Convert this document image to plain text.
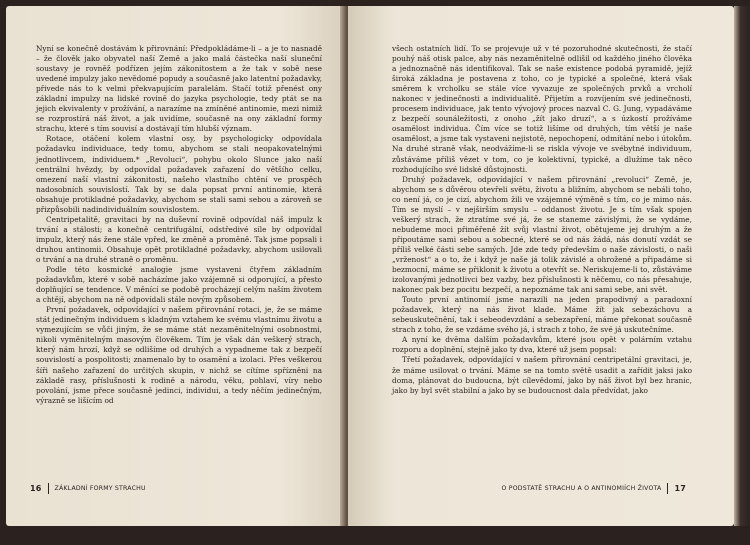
Nyní se konečně dostávám k přirovnání: Předpokládáme-li – a je to nasnadě – že člověk jako obyvatel naší Země a jako malá částečka naší sluneční soustavy je rovněž podřízen jejím zákonitostem a že tak v sobě nese uvedené impulzy jako nevědomé popudy a současně jako latentní požadavky, přivede nás to k velmi překvapujícím paralelám. Stačí totiž přenést ony základní impulzy na lidské rovině do jazyka psychologie, tedy ptát se na jejich ekvivalenty v prožívání, a narazíme na zmíněné antinomie, mezi nimiž se rozprostírá náš život, a jak uvidíme, současně na ony základní formy strachu, které s tím souvisí a dostávají tím hlubší význam.

Rotace, otáčení kolem vlastní osy, by psychologicky odpovídala požadavku individuace, tedy tomu, abychom se stali neopakovatelnými jednotlivcem, individuem.* „Revoluci“, pohybu okolo Slunce jako naší centrální hvězdy, by odpovídal požadavek zařazení do většího celku, omezení naší vlastní zákonitosti, našeho vlastního chtění ve prospěch nadosobních souvislostí. Tak by se dala popsat první antinomie, která obsahuje protikladné požadavky, abychom se stali sami sebou a zároveň se přizpůsobili nadindividuálním souvislostem.

Centripetalitě, gravitaci by na duševní rovině odpovídal náš impulz k trvání a stálosti; a konečně centrifugální, odstředivé síle by odpovídal impulz, který nás žene stále vpřed, ke změně a proměně. Tak jsme popsali i druhou antinomii. Obsahuje opět protikladné požadavky, abychom usilovali o trvání a na druhé straně o proměnu.

Podle této kosmické analogie jsme vystaveni čtyřem základním požadavkům, které v sobě nacházíme jako vzájemně si odporující, a přesto doplňující se tendence. V měnící se podobě procházejí celým naším životem a chtějí, abychom na ně odpovídali stále novým způsobem.

První požadavek, odpovídající v našem přirovnání rotaci, je, že se máme stát jedinečným individuem s kladným vztahem ke svému vlastnímu životu a vymezujícím se vůči jiným, že se máme stát nezaměnitelnými osobnostmi, nikoli vyměnitelným masovým člověkem. Tím je však dán veškerý strach, který nám hrozí, když se odlišíme od druhých a vypadneme tak z bezpečí souvislostí a pospolitosti; znamenalo by to osamění a izolaci. Přes veškerou šíři našeho zařazení do určitých skupin, v nichž se cítíme spřízněni na základě rasy, příslušnosti k rodině a národu, věku, pohlaví, víry nebo povolání, jsme přece současně jedinci, individui, a tedy něčím jedinečným, výrazně se lišícím od

16 ZÁKLADNÍ FORMY STRACHU

všech ostatních lidí. To se projevuje už v té pozoruhodné skutečnosti, že stačí pouhý náš otisk palce, aby nás nezaměnitelně odlišil od každého jiného člověka a jednoznačně nás identifikoval. Tak se naše existence podobá pyramidě, jejíž široká základna je postavena z toho, co je typické a společné, která však směrem k vrcholku se stále více vyvazuje ze společných prvků a vrcholí nakonec v jedinečnosti a individualitě. Přijetím a rozvíjením své jedinečnosti, procesem individuace, jak tento vývojový proces nazval C. G. Jung, vypadáváme z bezpečí sounáležitosti, z onoho „žít jako druzí“, a s úzkostí prožíváme osamělost individua. Čím více se totiž lišíme od druhých, tím větší je naše osamělost, a jsme tak vystaveni nejistotě, nepochopení, odmítání nebo i útokům. Na druhé straně však, neodvážíme-li se riskla vývoje ve svébytné individuum, zůstáváme příliš vězet v tom, co je kolektivní, typické, a dlužíme tak něco rozhodujícího své lidské důstojnosti.

Druhý požadavek, odpovídající v našem přirovnání „revoluci“ Země, je, abychom se s důvěrou otevřeli světu, životu a bližním, abychom se nebáli toho, co není já, co je cizí, abychom žili ve vzájemné výměně s tím, co je mimo nás. Tím se myslí – v nejširším smyslu – oddanost životu. Je s tím však spojen veškerý strach, že ztratíme své já, že se staneme závislými, že se vydáme, nebudeme moci přiměřeně žít svůj vlastní život, obětujeme jej druhým a že připoutáme sami sebou a sobecné, které se od nás žádá, nás donutí vzdát se příliš velké části sebe samých. Jde zde tedy především o naše závislosti, o naši „vrženost“ a o to, že i když je naše já tolik závislé a ohrožené a připadáme si bezmocní, máme se přiklonit k životu a otevřít se. Neriskujeme-li to, zůstáváme izolovanými jednotlivci bez vazby, bez příslušnosti k něčemu, co nás přesahuje, nakonec pak bez pocitu bezpečí, a nepoznáme tak ani sami sebe, ani svět.

Touto první antinomií jsme narazili na jeden prapodivný a paradoxní požadavek, který na nás život klade. Máme žít jak sebezáchovu a sebeuskutečnění, tak i sebeodevzdání a sebezapření, máme překonat současně strach z toho, že se vzdáme svého já, i strach z toho, že své já uskutečníme.

A nyní ke dvěma dalším požadavkům, které jsou opět v polárním vztahu rozporu a doplnění, stejně jako ty dva, které už jsem popsal:

Třetí požadavek, odpovídající v našem přirovnání centripetální gravitaci, je, že máme usilovat o trvání. Máme se na tomto světě usadit a zařídit jaksi jako doma, plánovat do budoucna, být cílevědomí, jako by náš život byl bez hranic, jako by byl svět stabilní a jako by se budoucnost dala předvídat, jako

O PODSTATĚ STRACHU A O ANTINOMIÍCH ŽIVOTA 17
